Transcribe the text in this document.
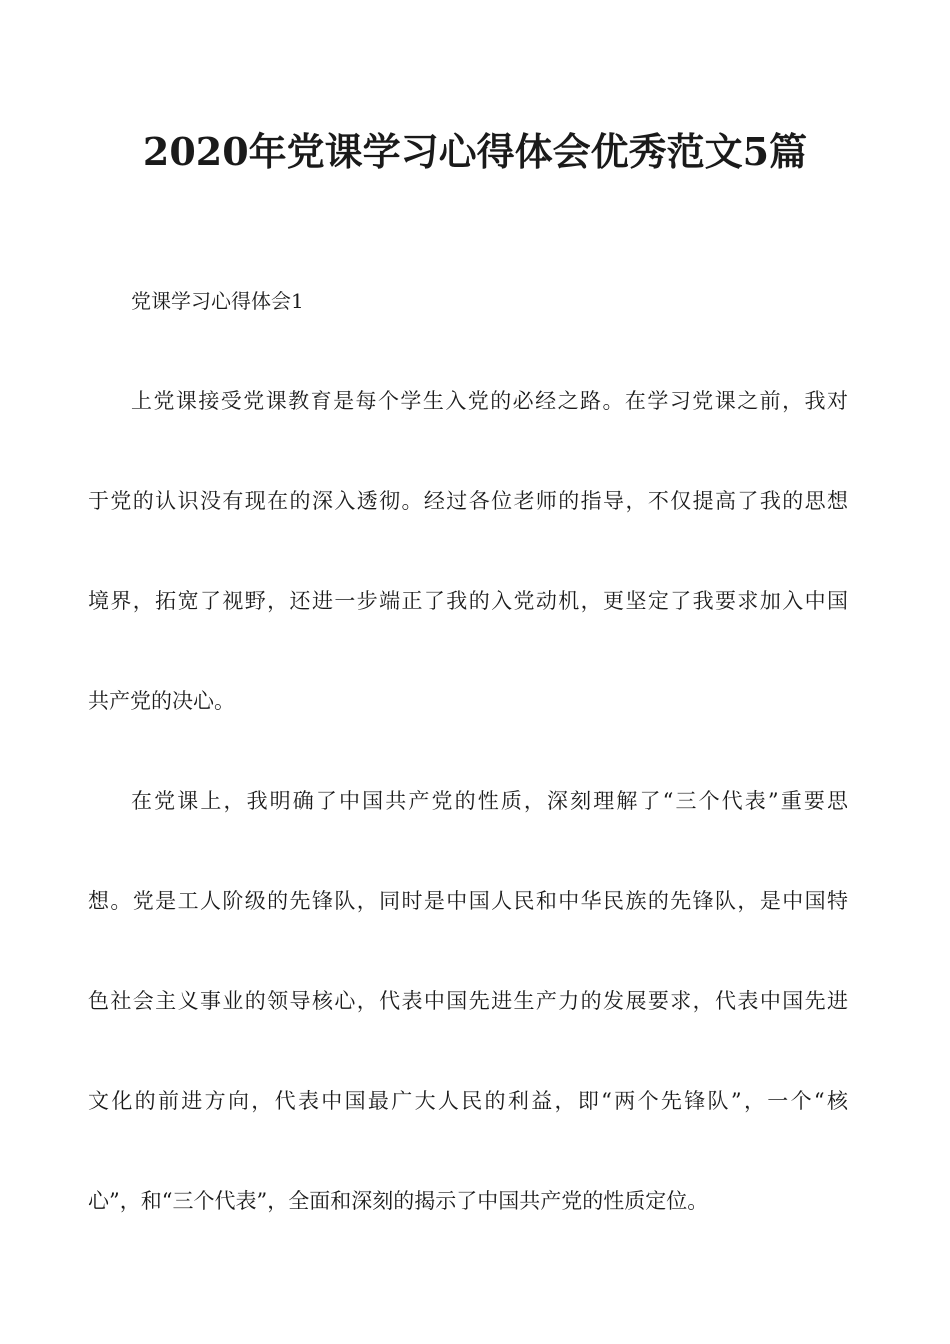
2020年党课学习心得体会优秀范文5篇
党课学习心得体会1
上党课接受党课教育是每个学生入党的必经之路。在学习党课之前，我对
于党的认识没有现在的深入透彻。经过各位老师的指导，不仅提高了我的思想
境界，拓宽了视野，还进一步端正了我的入党动机，更坚定了我要求加入中国
共产党的决心。
在党课上，我明确了中国共产党的性质，深刻理解了“三个代表”重要思
想。党是工人阶级的先锋队，同时是中国人民和中华民族的先锋队，是中国特
色社会主义事业的领导核心，代表中国先进生产力的发展要求，代表中国先进
文化的前进方向，代表中国最广大人民的利益，即“两个先锋队”，一个“核
心”，和“三个代表”，全面和深刻的揭示了中国共产党的性质定位。
